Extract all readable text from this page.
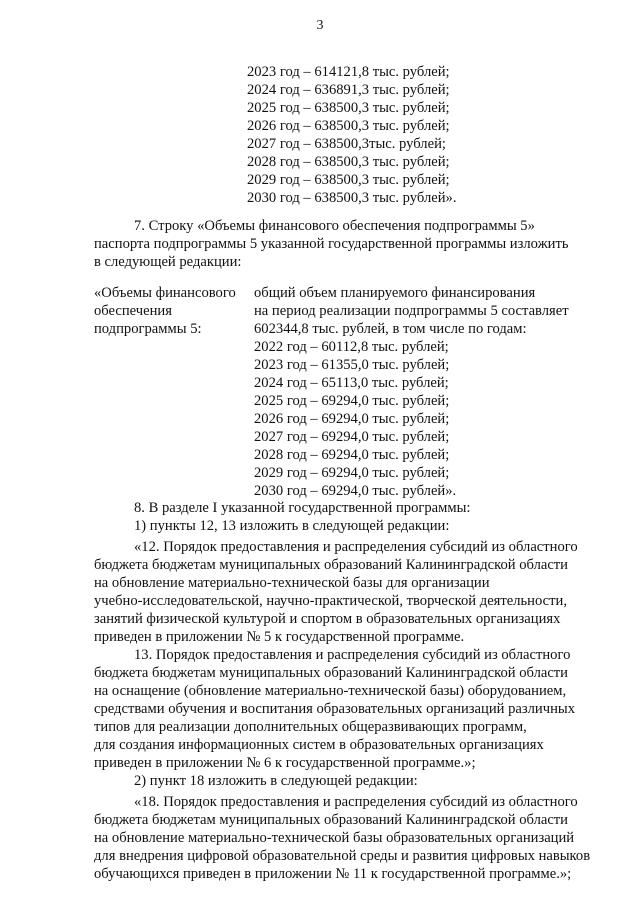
3
2023 год – 614121,8 тыс. рублей;
2024 год – 636891,3 тыс. рублей;
2025 год – 638500,3 тыс. рублей;
2026 год – 638500,3 тыс. рублей;
2027 год – 638500,3тыс. рублей;
2028 год – 638500,3 тыс. рублей;
2029 год – 638500,3 тыс. рублей;
2030 год – 638500,3 тыс. рублей».
7. Строку «Объемы финансового обеспечения подпрограммы 5»
паспорта подпрограммы 5 указанной государственной программы изложить
в следующей редакции:
«Объемы финансового
обеспечения
подпрограммы 5:
общий объем планируемого финансирования
на период реализации подпрограммы 5 составляет
602344,8 тыс. рублей, в том числе по годам:
2022 год – 60112,8 тыс. рублей;
2023 год – 61355,0 тыс. рублей;
2024 год – 65113,0 тыс. рублей;
2025 год – 69294,0 тыс. рублей;
2026 год – 69294,0 тыс. рублей;
2027 год – 69294,0 тыс. рублей;
2028 год – 69294,0 тыс. рублей;
2029 год – 69294,0 тыс. рублей;
2030 год – 69294,0 тыс. рублей».
8. В разделе I указанной государственной программы:
1) пункты 12, 13 изложить в следующей редакции:
«12. Порядок предоставления и распределения субсидий из областного
бюджета бюджетам муниципальных образований Калининградской области
на обновление материально-технической базы для организации
учебно-исследовательской, научно-практической, творческой деятельности,
занятий физической культурой и спортом в образовательных организациях
приведен в приложении № 5 к государственной программе.
13. Порядок предоставления и распределения субсидий из областного
бюджета бюджетам муниципальных образований Калининградской области
на оснащение (обновление материально-технической базы) оборудованием,
средствами обучения и воспитания образовательных организаций различных
типов для реализации дополнительных общеразвивающих программ,
для создания информационных систем в образовательных организациях
приведен в приложении № 6 к государственной программе.»;
2) пункт 18 изложить в следующей редакции:
«18. Порядок предоставления и распределения субсидий из областного
бюджета бюджетам муниципальных образований Калининградской области
на обновление материально-технической базы образовательных организаций
для внедрения цифровой образовательной среды и развития цифровых навыков
обучающихся приведен в приложении № 11 к государственной программе.»;
